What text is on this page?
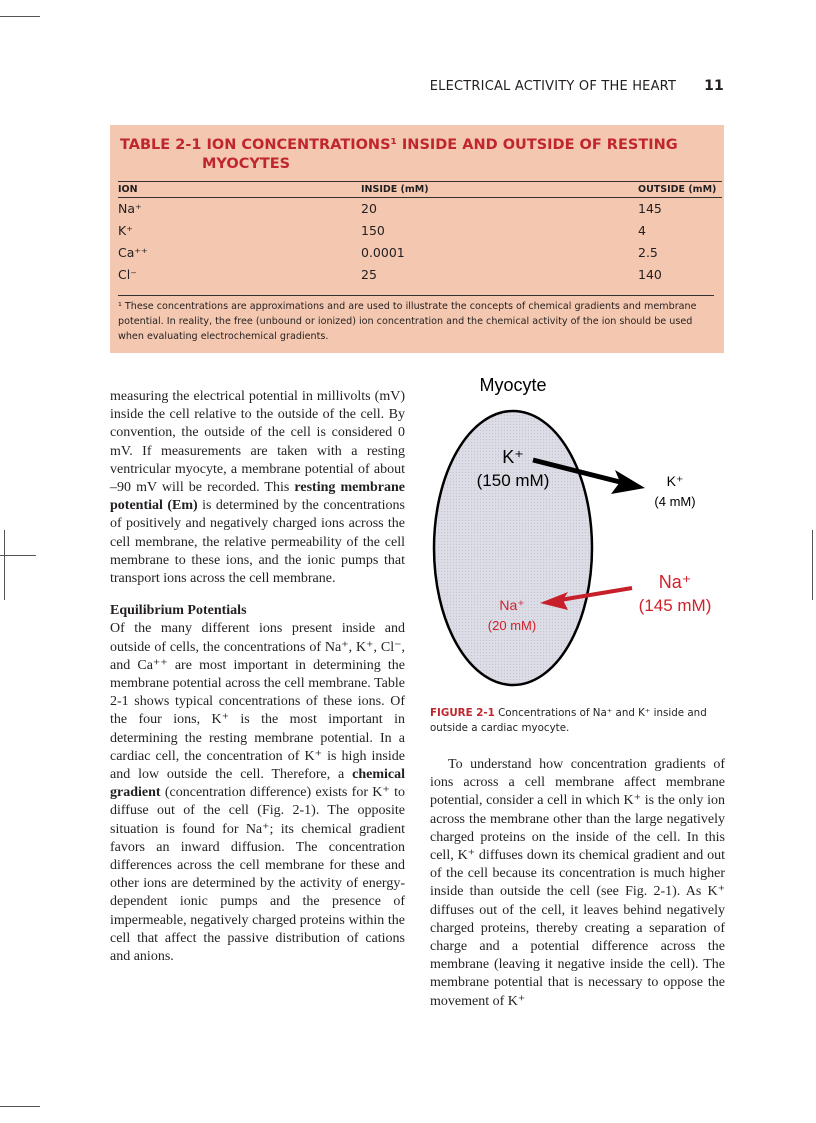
ELECTRICAL ACTIVITY OF THE HEART 11
TABLE 2-1 ION CONCENTRATIONS¹ INSIDE AND OUTSIDE OF RESTING
MYOCYTES
ION	INSIDE (mM)	OUTSIDE (mM)
Na⁺	20	145
K⁺	150	4
Ca⁺⁺	0.0001	2.5
Cl⁻	25	140
¹ These concentrations are approximations and are used to illustrate the concepts of chemical gradients and membrane potential. In reality, the free (unbound or ionized) ion concentration and the chemical activity of the ion should be used when evaluating electrochemical gradients.

measuring the electrical potential in millivolts (mV) inside the cell relative to the outside of the cell. By convention, the outside of the cell is considered 0 mV. If measurements are taken with a resting ventricular myocyte, a membrane potential of about –90 mV will be recorded. This resting membrane potential (Em) is determined by the concentrations of positively and negatively charged ions across the cell membrane, the relative permeability of the cell membrane to these ions, and the ionic pumps that transport ions across the cell membrane.

Equilibrium Potentials

Of the many different ions present inside and outside of cells, the concentrations of Na⁺, K⁺, Cl⁻, and Ca⁺⁺ are most important in determining the membrane potential across the cell membrane. Table 2-1 shows typical concentrations of these ions. Of the four ions, K⁺ is the most important in determining the resting membrane potential. In a cardiac cell, the concentration of K⁺ is high inside and low outside the cell. Therefore, a chemical gradient (concentration difference) exists for K⁺ to diffuse out of the cell (Fig. 2-1). The opposite situation is found for Na⁺; its chemical gradient favors an inward diffusion. The concentration differences across the cell membrane for these and other ions are determined by the activity of energy-dependent ionic pumps and the presence of impermeable, negatively charged proteins within the cell that affect the passive distribution of cations and anions.

Myocyte
K⁺
(150 mM)	K⁺
(4 mM)
Na⁺
(145 mM)
Na⁺
(20 mM)
FIGURE 2-1 Concentrations of Na⁺ and K⁺ inside and outside a cardiac myocyte.

To understand how concentration gradients of ions across a cell membrane affect membrane potential, consider a cell in which K⁺ is the only ion across the membrane other than the large negatively charged proteins on the inside of the cell. In this cell, K⁺ diffuses down its chemical gradient and out of the cell because its concentration is much higher inside than outside the cell (see Fig. 2-1). As K⁺ diffuses out of the cell, it leaves behind negatively charged proteins, thereby creating a separation of charge and a potential difference across the membrane (leaving it negative inside the cell). The membrane potential that is necessary to oppose the movement of K⁺
